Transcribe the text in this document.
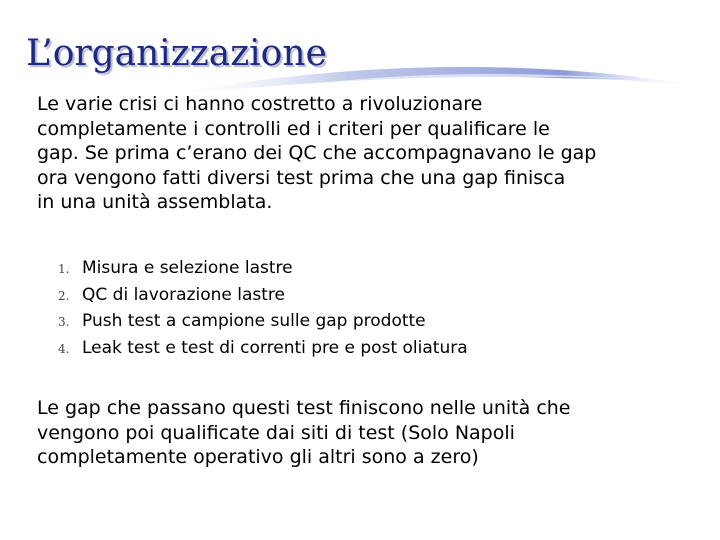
L’organizzazione
Le varie crisi ci hanno costretto a rivoluzionare
completamente i controlli ed i criteri per qualificare le
gap. Se prima c’erano dei QC che accompagnavano le gap
ora vengono fatti diversi test prima che una gap finisca
in una unità assemblata.
1. Misura e selezione lastre
2. QC di lavorazione lastre
3. Push test a campione sulle gap prodotte
4. Leak test e test di correnti pre e post oliatura
Le gap che passano questi test finiscono nelle unità che
vengono poi qualificate dai siti di test (Solo Napoli
completamente operativo gli altri sono a zero)
